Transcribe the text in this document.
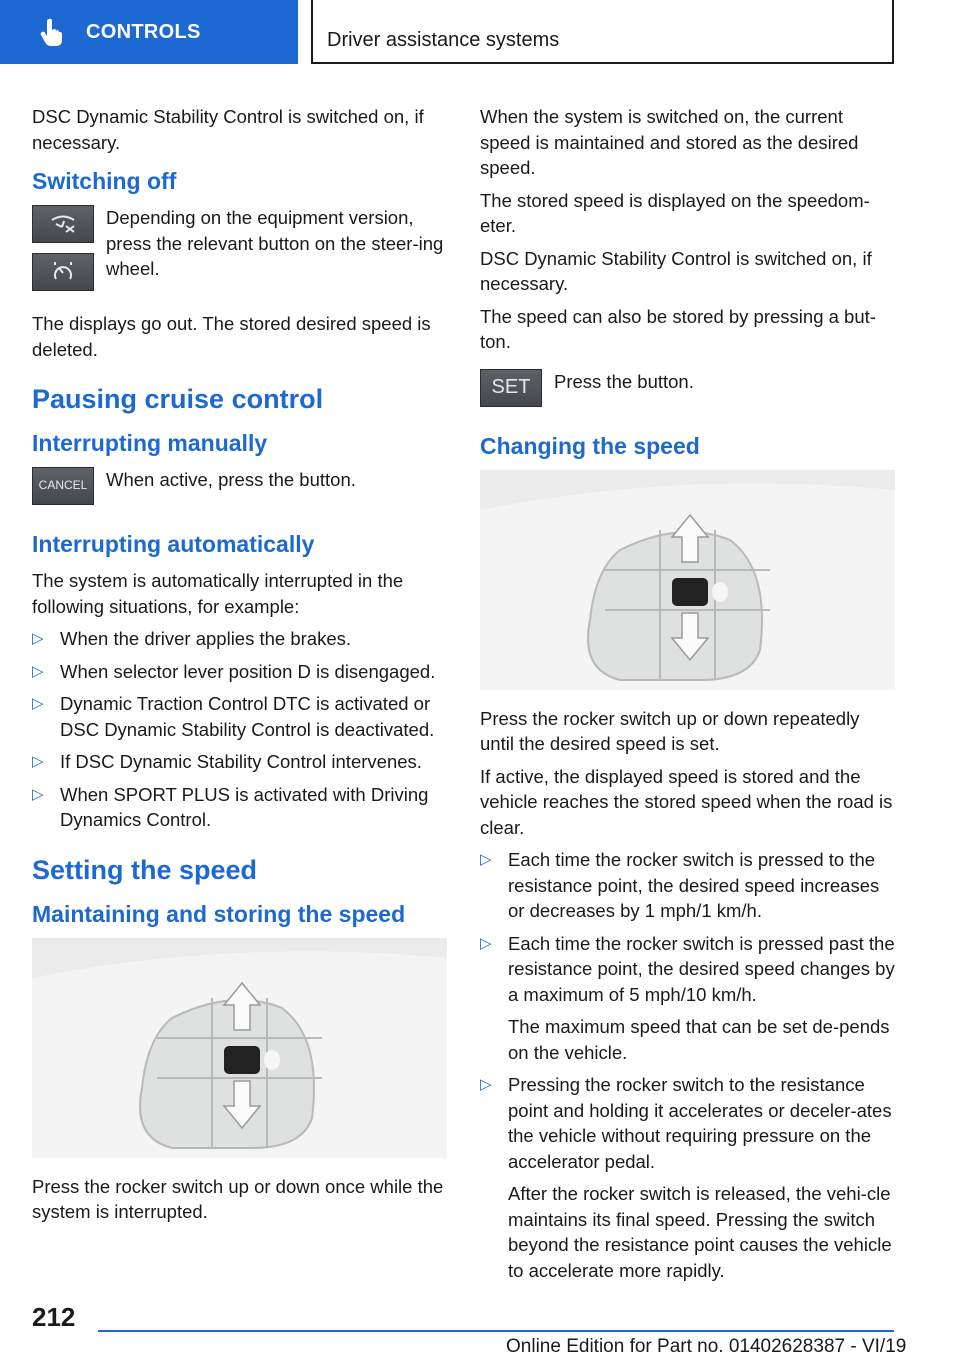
CONTROLS	Driver assistance systems

DSC Dynamic Stability Control is switched on, if necessary.

Switching off
Depending on the equipment version, press the relevant button on the steer‐ing wheel.

The displays go out. The stored desired speed is deleted.

Pausing cruise control
Interrupting manually
CANCEL	When active, press the button.
Interrupting automatically

The system is automatically interrupted in the following situations, for example:

▷ When the driver applies the brakes.
▷ When selector lever position D is disengaged.
▷ Dynamic Traction Control DTC is activated or DSC Dynamic Stability Control is deactivated.
▷ If DSC Dynamic Stability Control intervenes.
▷ When SPORT PLUS is activated with Driving Dynamics Control.
Setting the speed
Maintaining and storing the speed

Press the rocker switch up or down once while the system is interrupted.

When the system is switched on, the current speed is maintained and stored as the desired speed.

The stored speed is displayed on the speedom‐eter.

DSC Dynamic Stability Control is switched on, if necessary.

The speed can also be stored by pressing a but‐ton.

SET	Press the button.
Changing the speed

Press the rocker switch up or down repeatedly until the desired speed is set.

If active, the displayed speed is stored and the vehicle reaches the stored speed when the road is clear.

▷ Each time the rocker switch is pressed to the resistance point, the desired speed increases or decreases by 1 mph/1 km/h.
▷ Each time the rocker switch is pressed past the resistance point, the desired speed changes by a maximum of 5 mph/10 km/h.
The maximum speed that can be set de‐pends on the vehicle.
▷ Pressing the rocker switch to the resistance point and holding it accelerates or deceler‐ates the vehicle without requiring pressure on the accelerator pedal.
After the rocker switch is released, the vehi‐cle maintains its final speed. Pressing the switch beyond the resistance point causes the vehicle to accelerate more rapidly.
212
Online Edition for Part no. 01402628387 - VI/19
